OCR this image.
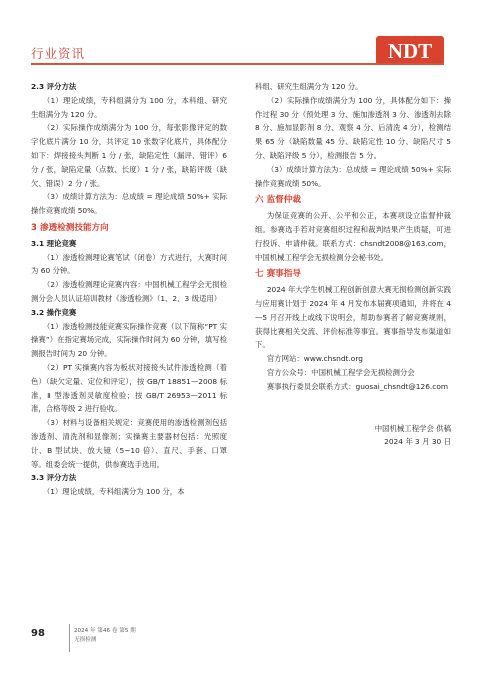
行业资讯	NDT
2.3 评分方法
（1）理论成绩，专科组满分为 100 分，本科组、研究生组满分为 120 分。
（2）实际操作成绩满分为 100 分，每张影像评定的数字化底片满分 10 分，共评定 10 张数字化底片，具体配分如下：焊接接头判断 1 分 / 张，缺陷定性（漏评、错评）6 分 / 张，缺陷定量（点数、长度）1 分 / 张，缺陷评级（缺欠、错误）2 分 / 张。
（3）成绩计算方法为：总成绩 = 理论成绩 50%+ 实际操作竞赛成绩 50%。
3 渗透检测技能方向
3.1 理论竞赛
（1）渗透检测理论赛笔试（闭卷）方式进行，大赛时间为 60 分钟。
（2）渗透检测理论竞赛内容：中国机械工程学会无损检测分会人员认证培训教材《渗透检测》（1、2、3 级适用）
3.2 操作竞赛
（1）渗透检测技能竞赛实际操作竞赛（以下简称“PT 实操赛”）在指定赛场完成，实际操作时间为 60 分钟，填写检测报告时间为 20 分钟。
（2）PT 实操赛内容为板状对接接头试件渗透检测（着色）（缺欠定量、定位和评定），按 GB/T 18851—2008 标准，Ⅱ 型渗透剂灵敏度检验；按 GB/T 26953—2011 标准，合格等级 2 进行验收。
（3）材料与设备相关规定：竞赛使用的渗透检测剂包括渗透剂、清洗剂和显像剂；实操赛主要器材包括：光照度计、B 型试块、放大镜（5~10 倍）、直尺、手套、口罩等。组委会统一提供，供参赛选手选用。
3.3 评分方法
（1）理论成绩，专科组满分为 100 分，本
科组、研究生组满分为 120 分。
（2）实际操作成绩满分为 100 分，具体配分如下：操作过程 30 分（预处理 3 分、施加渗透剂 3 分、渗透剂去除 8 分、施加显影剂 8 分、观察 4 分、后清洗 4 分），检测结果 65 分（缺陷数量 45 分、缺陷定性 10 分、缺陷尺寸 5 分、缺陷评级 5 分），检测报告 5 分。
（3）成绩计算方法为：总成绩 = 理论成绩 50%+ 实际操作竞赛成绩 50%。
六 监督仲裁
为保证竞赛的公开、公平和公正，本赛项设立监督仲裁组。参赛选手若对竞赛组织过程和裁判结果产生质疑，可进行投诉、申请仲裁。联系方式：chsndt2008@163.com，中国机械工程学会无损检测分会秘书处。
七 赛事指导
2024 年大学生机械工程创新创意大赛无损检测创新实践与应用赛计划于 2024 年 4 月发布本届赛项通知，并将在 4—5 月召开线上或线下说明会，帮助参赛者了解竞赛规则，获得比赛相关交流、评价标准等事宜。赛事指导发布渠道如下。
官方网站：www.chsndt.org
官方公众号：中国机械工程学会无损检测分会
赛事执行委员会联系方式：guosai_chsndt@126.com
中国机械工程学会 供稿
2024 年 3 月 30 日
98	2024 年 第46 卷 第5 期
无损检测
